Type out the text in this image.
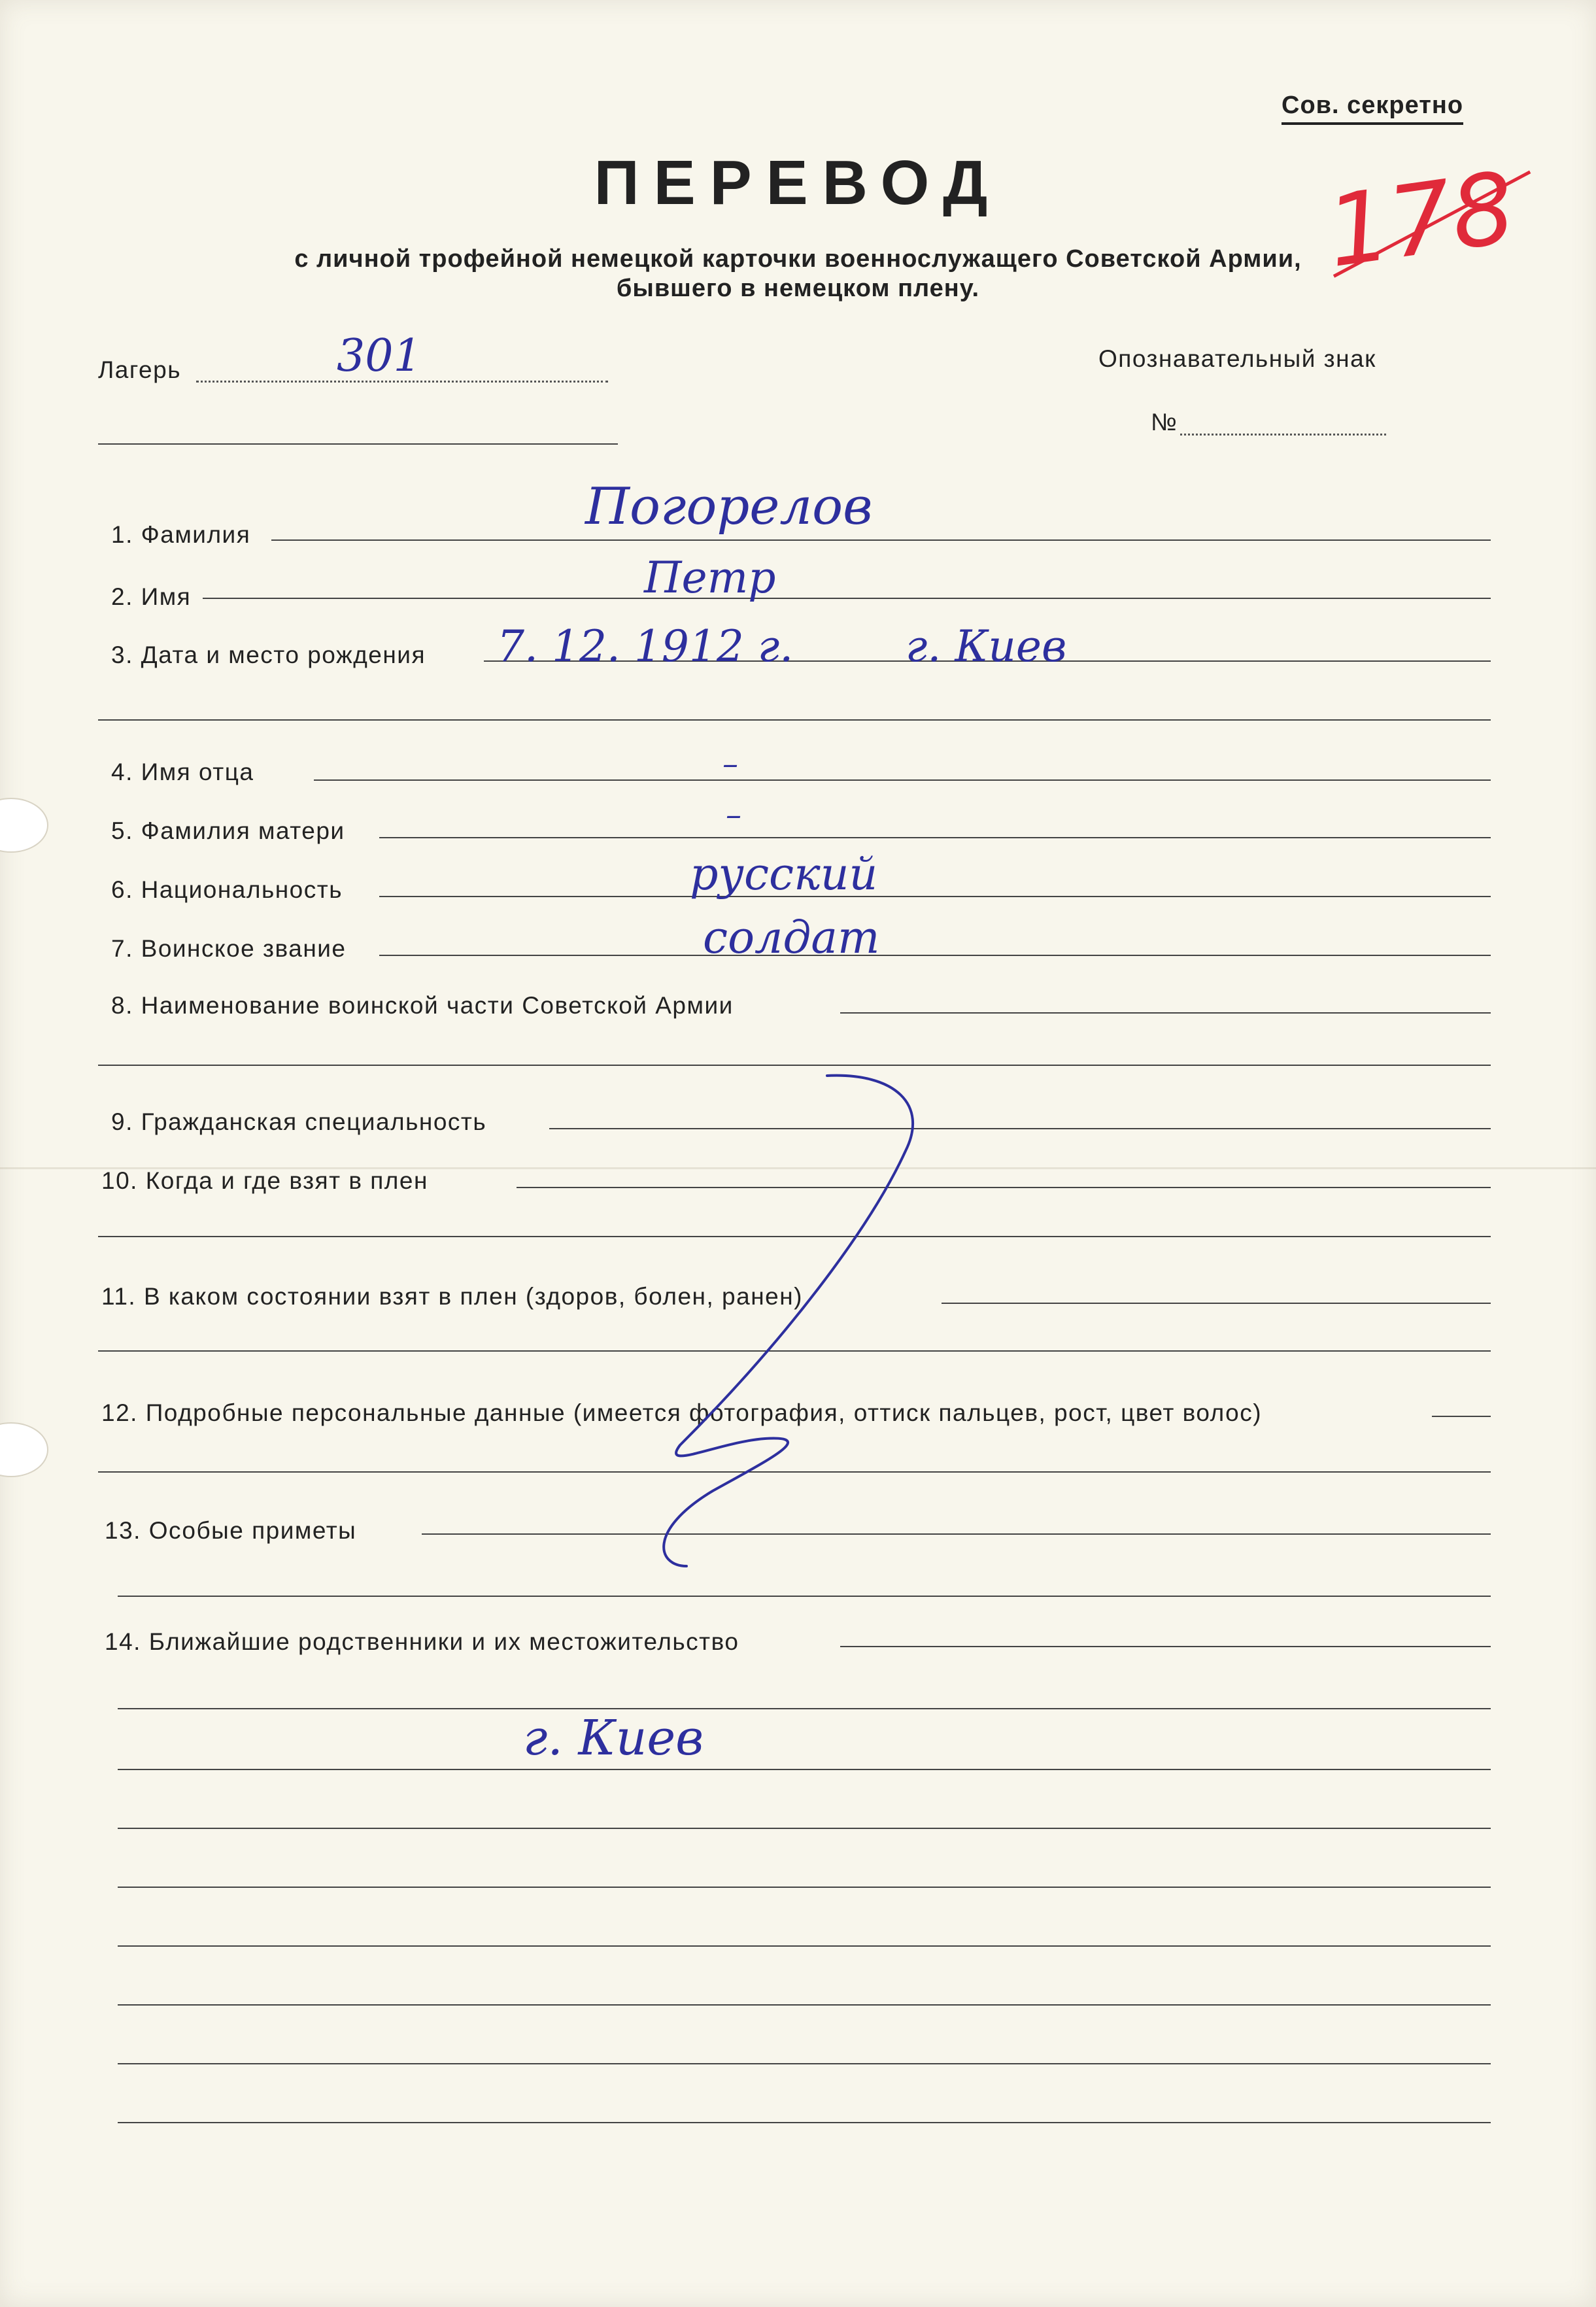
Сов. секретно
ПЕРЕВОД
с личной трофейной немецкой карточки военнослужащего Советской Армии,
бывшего в немецком плену.	178
Лагерь	301	Опознавательный знак
№
1. Фамилия	Погорелов
2. Имя	Петр
3. Дата и место рождения 7. 12. 1912 г.	г. Киев
4. Имя отца	–
5. Фамилия матери	–
6. Национальность	русский
7. Воинское звание	солдат
8. Наименование воинской части Советской Армии
9. Гражданская специальность
10. Когда и где взят в плен
11. В каком состоянии взят в плен (здоров, болен, ранен)
12. Подробные персональные данные (имеется фотография, оттиск пальцев, рост, цвет волос)
13. Особые приметы
14. Ближайшие родственники и их местожительство
г. Киев
